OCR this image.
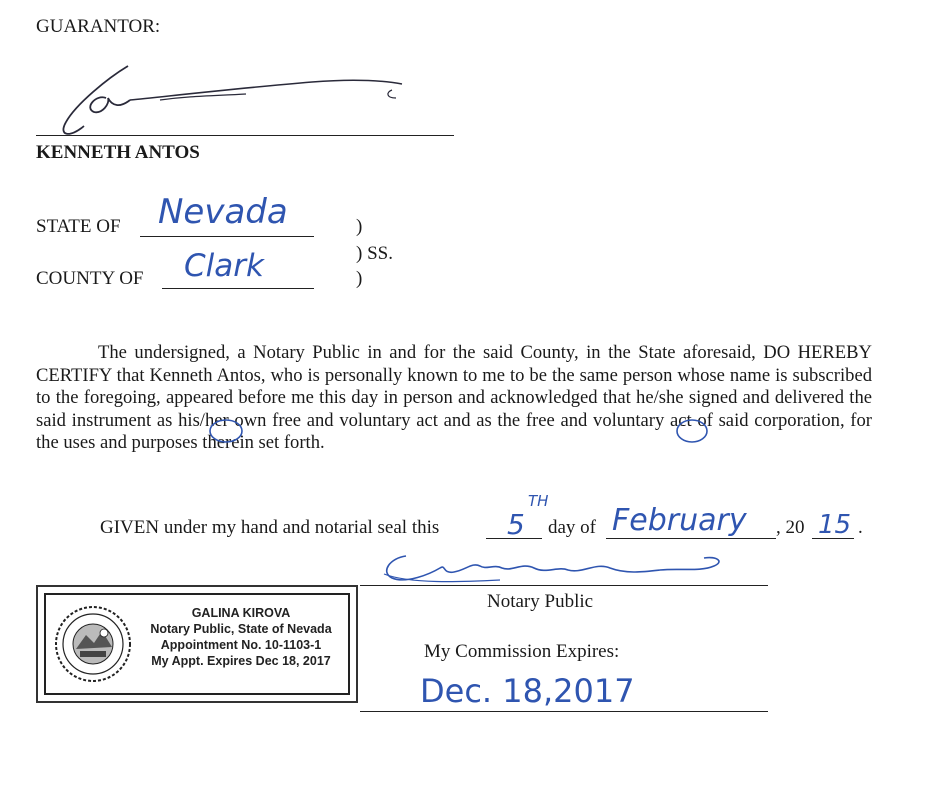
GUARANTOR:
KENNETH ANTOS
STATE OF Nevada	)
) SS.
)
COUNTY OF Clark
The undersigned, a Notary Public in and for the said County, in the State aforesaid, DO HEREBY CERTIFY that Kenneth Antos, who is personally known to me to be the same person whose name is subscribed to the foregoing, appeared before me this day in person and acknowledged that he/she signed and delivered the said instrument as his/her own free and voluntary act and as the free and voluntary act of said corporation, for the uses and purposes therein set forth.
GIVEN under my hand and notarial seal this 5
TH
day of February , 20 15 .
Notary Public
GALINA KIROVA
Notary Public, State of Nevada
Appointment No. 10-1103-1
My Appt. Expires Dec 18, 2017	My Commission Expires:
Dec. 18,2017
